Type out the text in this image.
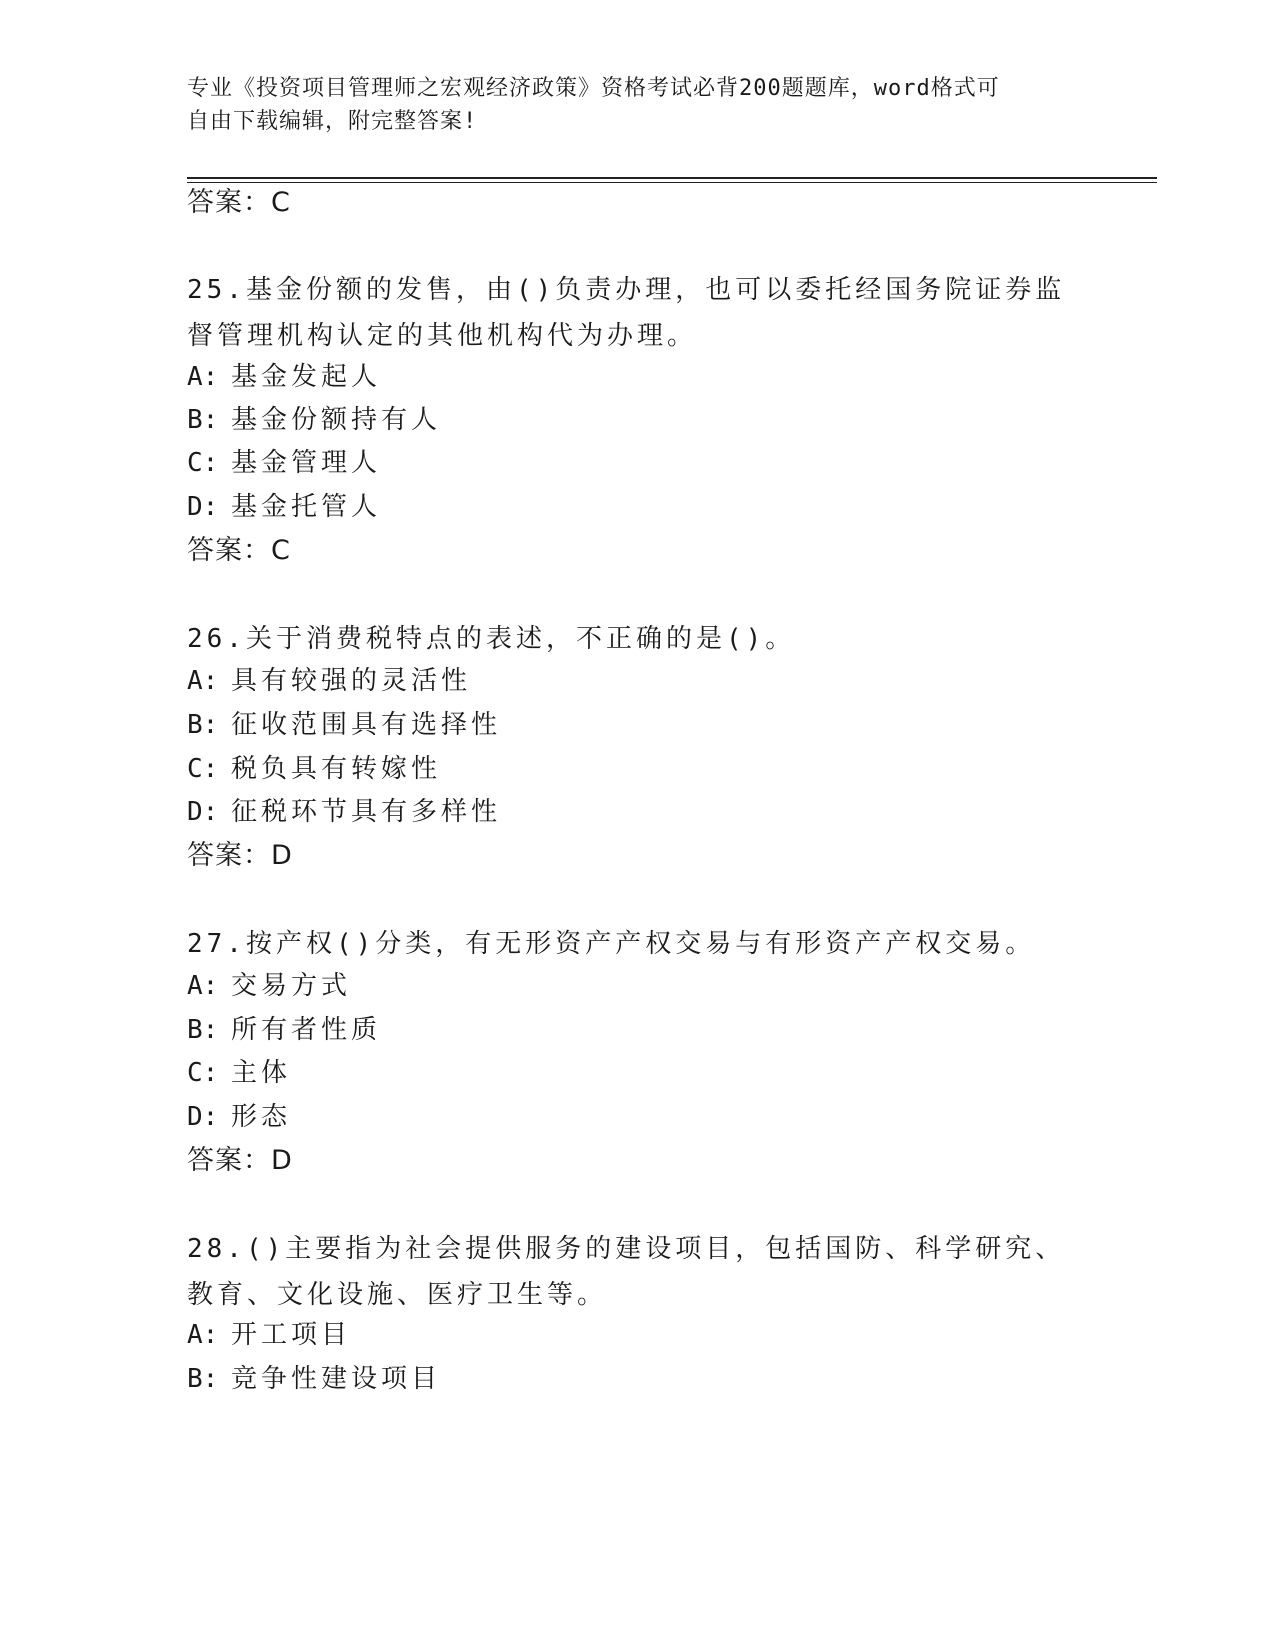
专业《投资项目管理师之宏观经济政策》资格考试必背200题题库，word格式可
自由下载编辑，附完整答案!
答案：C
25.基金份额的发售，由()负责办理，也可以委托经国务院证券监督管理机构认定的其他机构代为办理。
A: 基金发起人
B: 基金份额持有人
C: 基金管理人
D: 基金托管人
答案：C
26.关于消费税特点的表述，不正确的是()。
A: 具有较强的灵活性
B: 征收范围具有选择性
C: 税负具有转嫁性
D: 征税环节具有多样性
答案：D
27.按产权()分类，有无形资产产权交易与有形资产产权交易。
A: 交易方式
B: 所有者性质
C: 主体
D: 形态
答案：D
28.()主要指为社会提供服务的建设项目，包括国防、科学研究、教育、文化设施、医疗卫生等。
A: 开工项目
B: 竞争性建设项目
